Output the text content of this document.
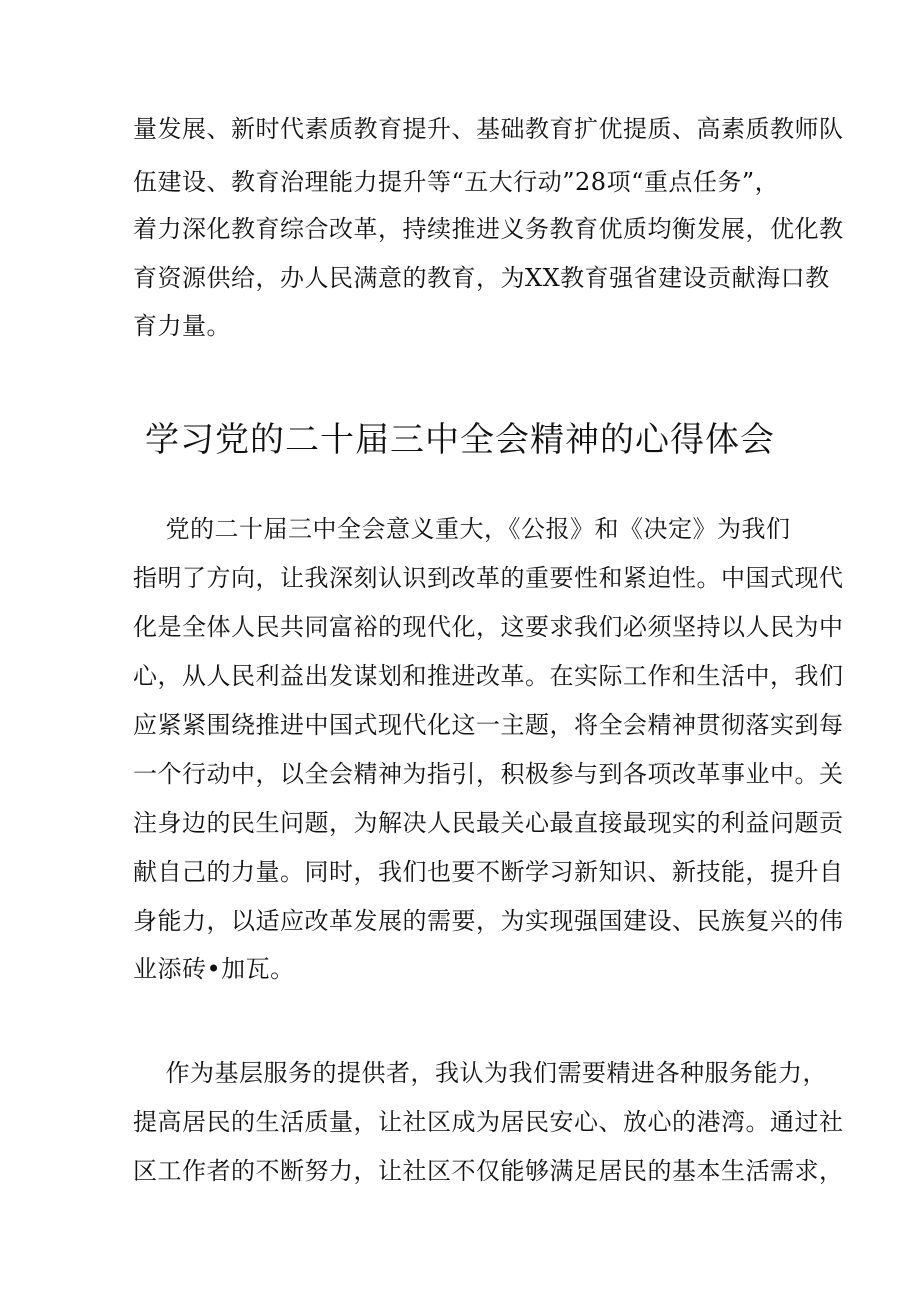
量发展、新时代素质教育提升、基础教育扩优提质、高素质教师队
伍建设、教育治理能力提升等“五大行动”28项“重点任务”，
着力深化教育综合改革，持续推进义务教育优质均衡发展，优化教
育资源供给，办人民满意的教育，为XX教育强省建设贡献海口教
育力量。
学习党的二十届三中全会精神的心得体会
党的二十届三中全会意义重大，《公报》和《决定》为我们
指明了方向，让我深刻认识到改革的重要性和紧迫性。中国式现代
化是全体人民共同富裕的现代化，这要求我们必须坚持以人民为中
心，从人民利益出发谋划和推进改革。在实际工作和生活中，我们
应紧紧围绕推进中国式现代化这一主题，将全会精神贯彻落实到每
一个行动中，以全会精神为指引，积极参与到各项改革事业中。关
注身边的民生问题，为解决人民最关心最直接最现实的利益问题贡
献自己的力量。同时，我们也要不断学习新知识、新技能，提升自
身能力，以适应改革发展的需要，为实现强国建设、民族复兴的伟
业添砖•加瓦。
作为基层服务的提供者，我认为我们需要精进各种服务能力，
提高居民的生活质量，让社区成为居民安心、放心的港湾。通过社
区工作者的不断努力，让社区不仅能够满足居民的基本生活需求，
